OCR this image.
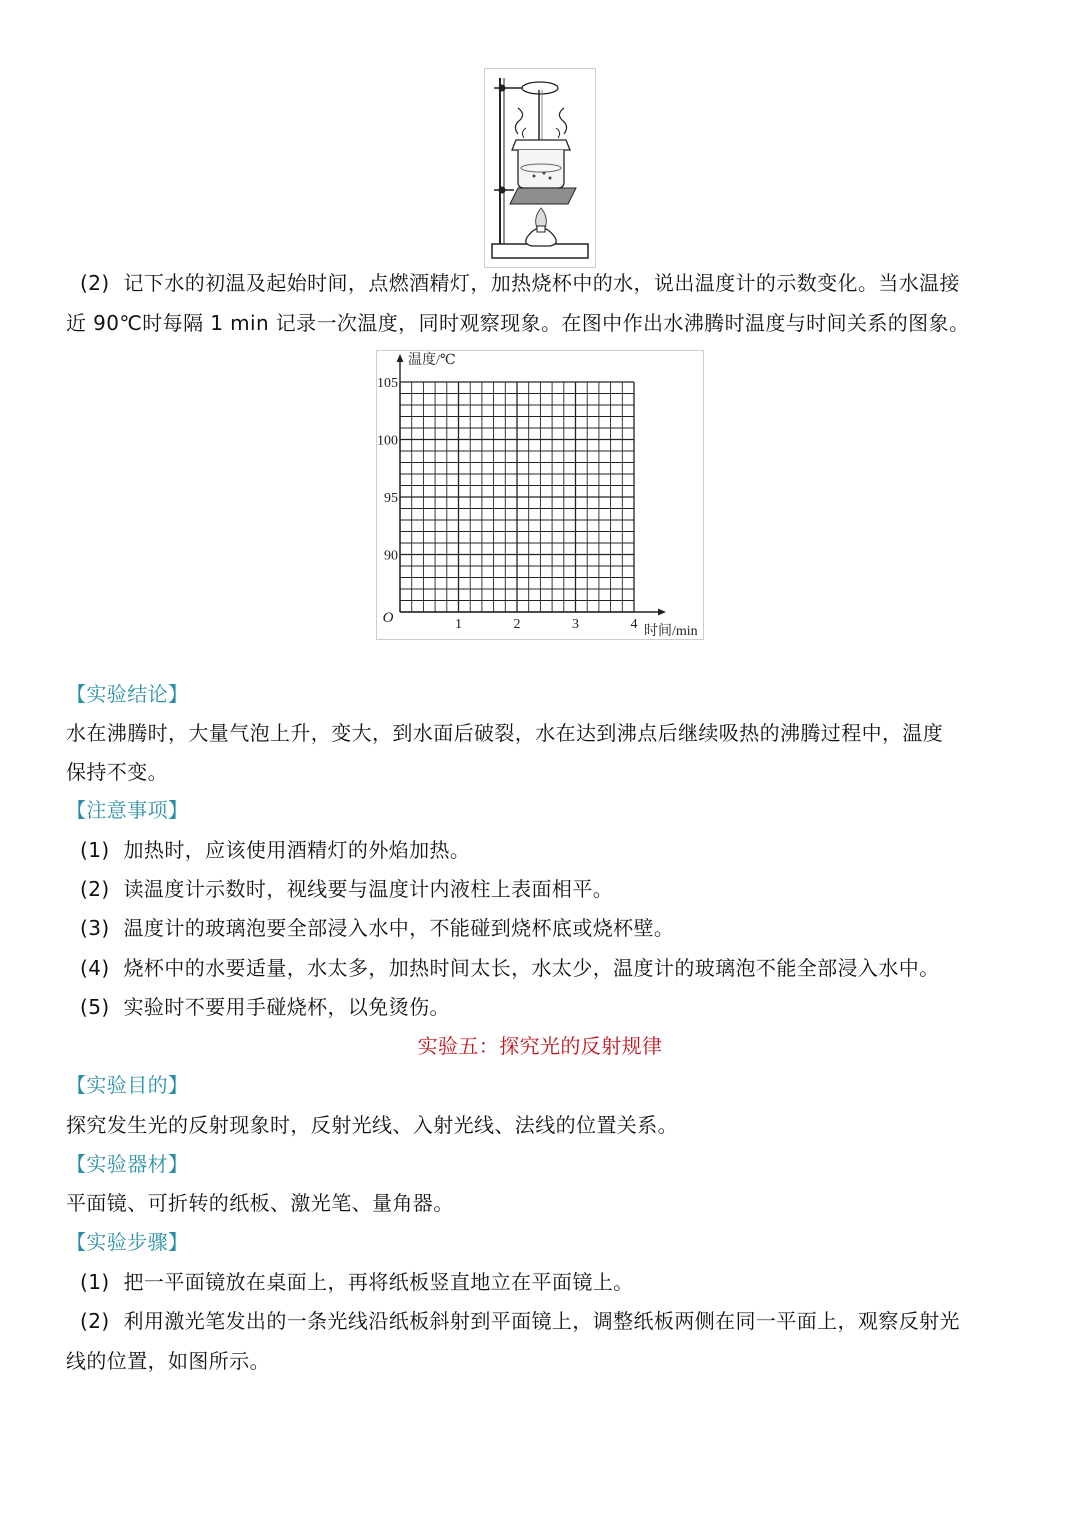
(2) 记下水的初温及起始时间，点燃酒精灯，加热烧杯中的水，说出温度计的示数变化。当水温接
近 90℃时每隔 1 min 记录一次温度，同时观察现象。在图中作出水沸腾时温度与时间关系的图象。
90
95
100
105
1	2	3	4
O
温度/℃
时间/min
【实验结论】
水在沸腾时，大量气泡上升，变大，到水面后破裂，水在达到沸点后继续吸热的沸腾过程中，温度
保持不变。
【注意事项】
(1) 加热时，应该使用酒精灯的外焰加热。
(2) 读温度计示数时，视线要与温度计内液柱上表面相平。
(3) 温度计的玻璃泡要全部浸入水中，不能碰到烧杯底或烧杯壁。
(4) 烧杯中的水要适量，水太多，加热时间太长，水太少，温度计的玻璃泡不能全部浸入水中。
(5) 实验时不要用手碰烧杯，以免烫伤。
实验五：探究光的反射规律
【实验目的】
探究发生光的反射现象时，反射光线、入射光线、法线的位置关系。
【实验器材】
平面镜、可折转的纸板、激光笔、量角器。
【实验步骤】
(1) 把一平面镜放在桌面上，再将纸板竖直地立在平面镜上。
(2) 利用激光笔发出的一条光线沿纸板斜射到平面镜上，调整纸板两侧在同一平面上，观察反射光
线的位置，如图所示。
